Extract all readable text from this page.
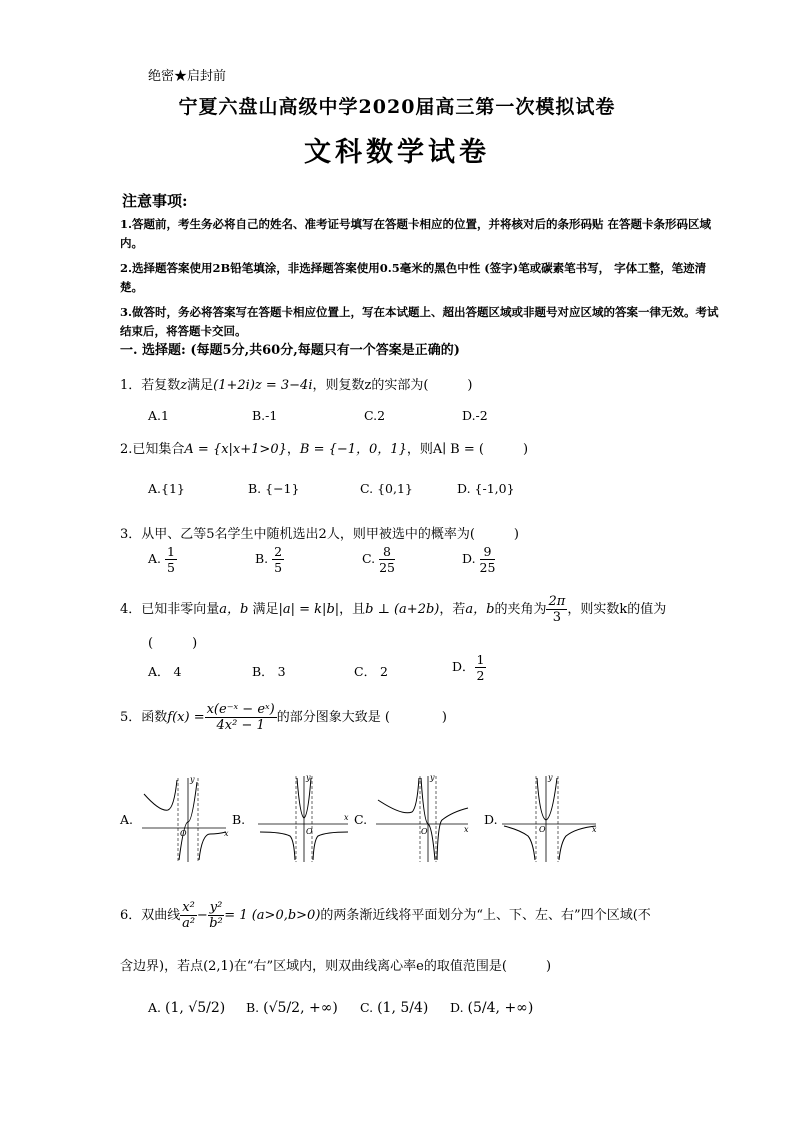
绝密★启封前
宁夏六盘山高级中学2020届高三第一次模拟试卷
文科数学试卷
注意事项:
1.答题前，考生务必将自己的姓名、准考证号填写在答题卡相应的位置，并将核对后的条形码贴 在答题卡条形码区域内。
2.选择题答案使用2B铅笔填涂，非选择题答案使用0.5毫米的黑色中性 (签字)笔或碳素笔书写， 字体工整，笔迹清楚。
3.做答时，务必将答案写在答题卡相应位置上，写在本试题上、超出答题区域或非题号对应区域的答案一律无效。考试结束后，将答题卡交回。
一. 选择题: (每题5分,共60分,每题只有一个答案是正确的)
1．若复数z满足(1+2i)z = 3−4i，则复数z的实部为(　　　)
A.1	B.-1	C.2	D.-2
2.已知集合A = {x|x+1>0}，B = {−1，0，1}，则A∣ B = (　　　)
A.{1}	B. {−1}	C. {0,1}	D. {-1,0}
3．从甲、乙等5名学生中随机选出2人，则甲被选中的概率为(　　　)
A. $\frac{1}{5}$	B. $\frac{2}{5}$	C. $\frac{8}{25}$	D. $\frac{9}{25}$
4．已知非零向量a，b 满足|a| = k|b|，且b ⊥ (a+2b)，若a，b的夹角为 $\frac{2\pi}{3}$ ，则实数k的值为
(　　　)
A． 4	B． 3	C． 2	D． $\frac{1}{2}$
5．函数$f(x) = \frac{\text{x(e⁻ˣ − eˣ)}}{\text{4x² − 1}}$ 的部分图象大致是 (　　　　)
A.	B.	C.	D.
x
y
O
x
y
O	x
y
O	x
y
O
6．双曲线 $\frac{\text{x²}}{\text{a²}} - \frac{\text{y²}}{\text{b²}} = 1$ (a>0,b>0)的两条渐近线将平面划分为“上、下、左、右”四个区域(不
含边界)，若点(2,1)在“右”区域内，则双曲线离心率e的取值范围是(　　　)
A. (1, √5/2) B. (√5/2, +∞) C. (1, 5/4) D. (5/4, +∞)
